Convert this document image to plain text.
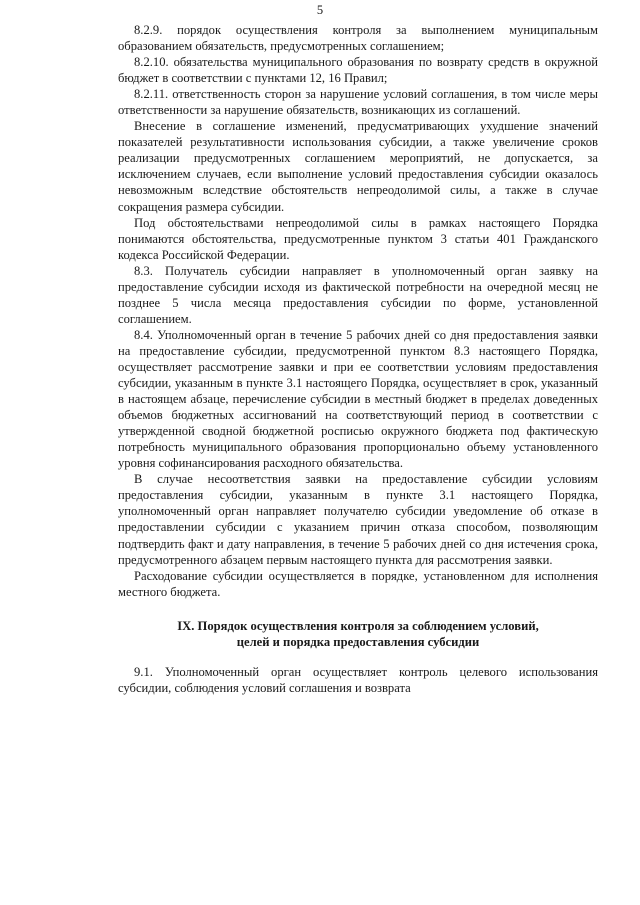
5

8.2.9. порядок осуществления контроля за выполнением муниципальным образованием обязательств, предусмотренных соглашением;

8.2.10. обязательства муниципального образования по возврату средств в окружной бюджет в соответствии с пунктами 12, 16 Правил;

8.2.11. ответственность сторон за нарушение условий соглашения, в том числе меры ответственности за нарушение обязательств, возникающих из соглашений.

Внесение в соглашение изменений, предусматривающих ухудшение значений показателей результативности использования субсидии, а также увеличение сроков реализации предусмотренных соглашением мероприятий, не допускается, за исключением случаев, если выполнение условий предоставления субсидии оказалось невозможным вследствие обстоятельств непреодолимой силы, а также в случае сокращения размера субсидии.

Под обстоятельствами непреодолимой силы в рамках настоящего Порядка понимаются обстоятельства, предусмотренные пунктом 3 статьи 401 Гражданского кодекса Российской Федерации.

8.3. Получатель субсидии направляет в уполномоченный орган заявку на предоставление субсидии исходя из фактической потребности на очередной месяц не позднее 5 числа месяца предоставления субсидии по форме, установленной соглашением.

8.4. Уполномоченный орган в течение 5 рабочих дней со дня предоставления заявки на предоставление субсидии, предусмотренной пунктом 8.3 настоящего Порядка, осуществляет рассмотрение заявки и при ее соответствии условиям предоставления субсидии, указанным в пункте 3.1 настоящего Порядка, осуществляет в срок, указанный в настоящем абзаце, перечисление субсидии в местный бюджет в пределах доведенных объемов бюджетных ассигнований на соответствующий период в соответствии с утвержденной сводной бюджетной росписью окружного бюджета под фактическую потребность муниципального образования пропорционально объему установленного уровня софинансирования расходного обязательства.

В случае несоответствия заявки на предоставление субсидии условиям предоставления субсидии, указанным в пункте 3.1 настоящего Порядка, уполномоченный орган направляет получателю субсидии уведомление об отказе в предоставлении субсидии с указанием причин отказа способом, позволяющим подтвердить факт и дату направления, в течение 5 рабочих дней со дня истечения срока, предусмотренного абзацем первым настоящего пункта для рассмотрения заявки.

Расходование субсидии осуществляется в порядке, установленном для исполнения местного бюджета.

IX. Порядок осуществления контроля за соблюдением условий,
целей и порядка предоставления субсидии

9.1. Уполномоченный орган осуществляет контроль целевого использования субсидии, соблюдения условий соглашения и возврата
